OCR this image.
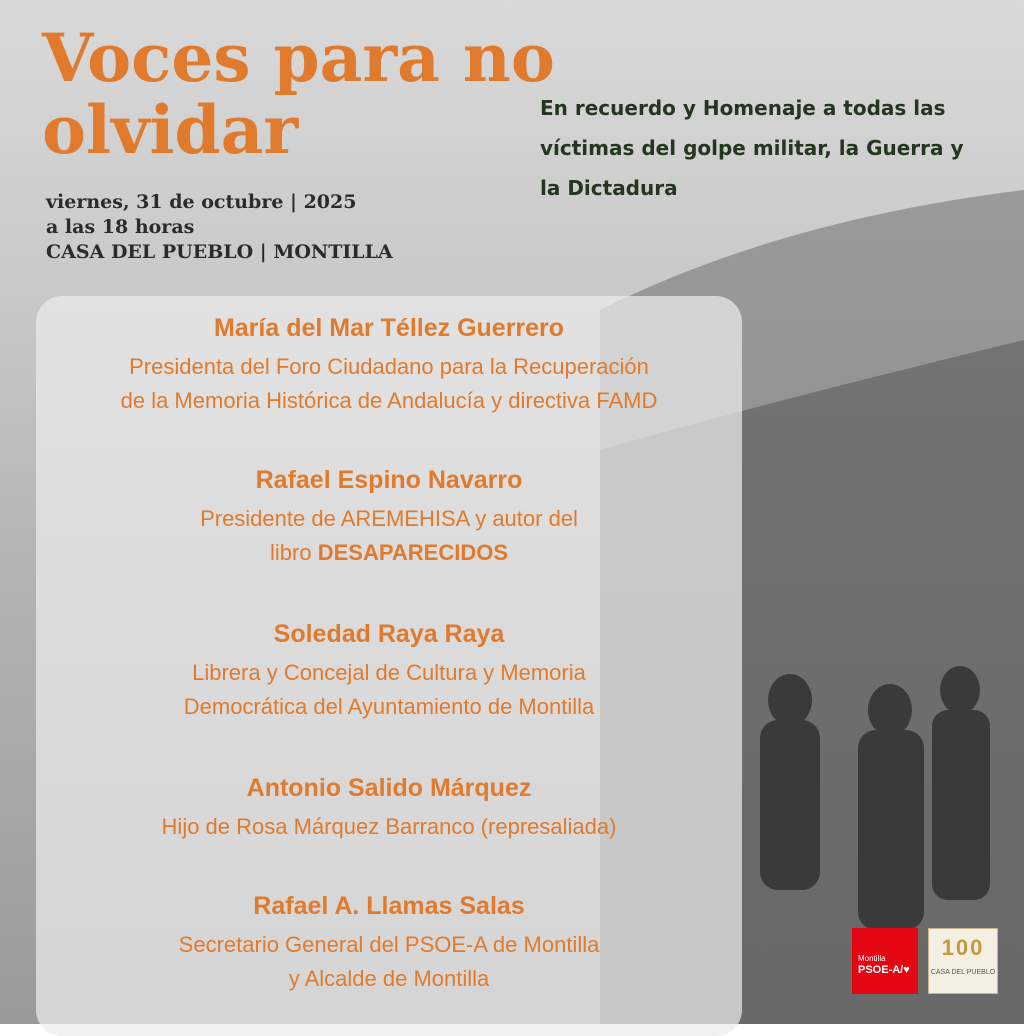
Voces para no olvidar
viernes, 31 de octubre | 2025
a las 18 horas
CASA DEL PUEBLO | MONTILLA
En recuerdo y Homenaje a todas las víctimas del golpe militar, la Guerra y la Dictadura
María del Mar Téllez Guerrero
Presidenta del Foro Ciudadano para la Recuperación
de la Memoria Histórica de Andalucía y directiva FAMD
Rafael Espino Navarro
Presidente de AREMEHISA y autor del
libro DESAPARECIDOS
Soledad Raya Raya
Librera y Concejal de Cultura y Memoria
Democrática del Ayuntamiento de Montilla
Antonio Salido Márquez
Hijo de Rosa Márquez Barranco (represaliada)
Rafael A. Llamas Salas
Secretario General del PSOE-A de Montilla
y Alcalde de Montilla
Montilla
PSOE-A/♥
100
CASA DEL PUEBLO
